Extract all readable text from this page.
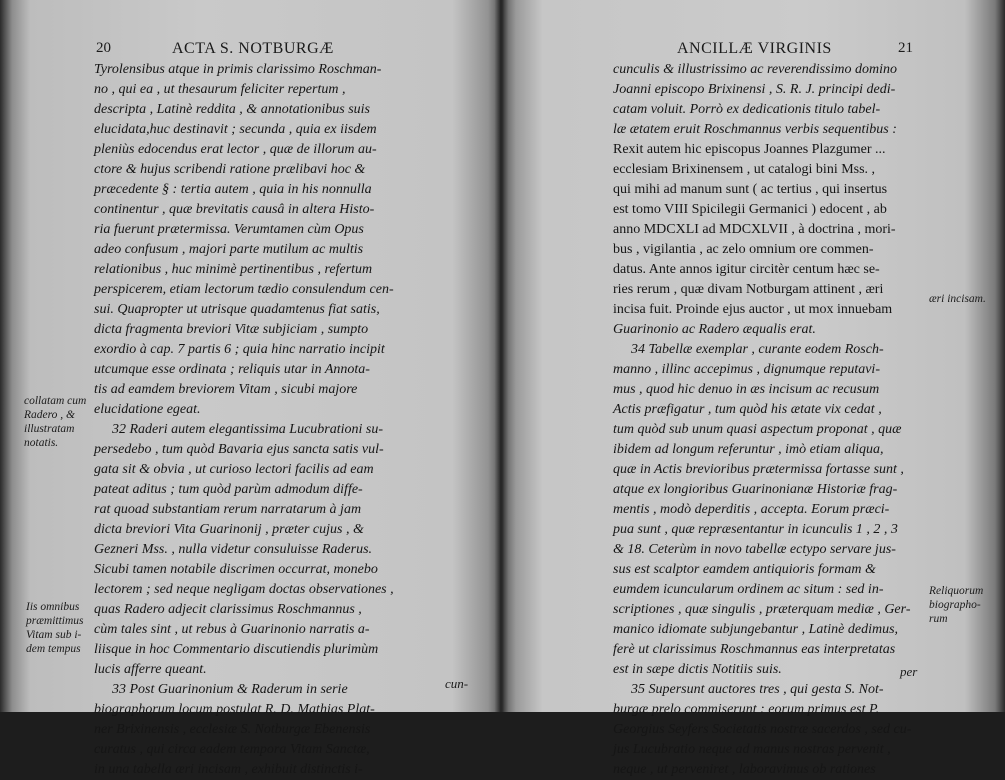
20	ACTA S. NOTBURGÆ

Tyrolensibus atque in primis clarissimo Roschman-

no , qui ea , ut thesaurum feliciter repertum ,

descripta , Latinè reddita , & annotationibus suis

elucidata,huc destinavit ; secunda , quia ex iisdem

pleniùs edocendus erat lector , quæ de illorum au-

ctore & hujus scribendi ratione prælibavi hoc &

præcedente § : tertia autem , quia in his nonnulla

continentur , quæ brevitatis causâ in altera Histo-

ria fuerunt prætermissa. Verumtamen cùm Opus

adeo confusum , majori parte mutilum ac multis

relationibus , huc minimè pertinentibus , refertum

perspicerem, etiam lectorum tædio consulendum cen-

sui. Quapropter ut utrisque quadamtenus fiat satis,

dicta fragmenta breviori Vitæ subjiciam , sumpto

exordio à cap. 7 partis 6 ; quia hinc narratio incipit

utcumque esse ordinata ; reliquis utar in Annota-

tis ad eamdem breviorem Vitam , sicubi majore

elucidatione egeat.

32 Raderi autem elegantissima Lucubrationi su-

persedebo , tum quòd Bavaria ejus sancta satis vul-

gata sit & obvia , ut curioso lectori facilis ad eam

pateat aditus ; tum quòd parùm admodum diffe-

rat quoad substantiam rerum narratarum à jam

dicta breviori Vita Guarinonij , præter cujus , &

Gezneri Mss. , nulla videtur consuluisse Raderus.

Sicubi tamen notabile discrimen occurrat, monebo

lectorem ; sed neque negligam doctas observationes ,

quas Radero adjecit clarissimus Roschmannus ,

cùm tales sint , ut rebus à Guarinonio narratis a-

liisque in hoc Commentario discutiendis plurimùm

lucis afferre queant.

33 Post Guarinonium & Raderum in serie

biographorum locum postulat R. D. Mathias Plat-

ner Brixinensis , ecclesiæ S. Notburgæ Ebenensis

curatus , qui circa eadem tempora Vitam Sanctæ,

in una tabella æri incisam , exhibuit distinctis i-

collatam cum Radero , & illustratam notatis.
Iis omnibus præmittimus Vitam sub i-dem tempus
cun-
ANCILLÆ VIRGINIS	21

cunculis & illustrissimo ac reverendissimo domino

Joanni episcopo Brixinensi , S. R. J. principi dedi-

catam voluit. Porrò ex dedicationis titulo tabel-

læ ætatem eruit Roschmannus verbis sequentibus :

Rexit autem hic episcopus Joannes Plazgumer ...

ecclesiam Brixinensem , ut catalogi bini Mss. ,

qui mihi ad manum sunt ( ac tertius , qui insertus

est tomo VIII Spicilegii Germanici ) edocent , ab

anno MDCXLI ad MDCXLVII , à doctrina , mori-

bus , vigilantia , ac zelo omnium ore commen-

datus. Ante annos igitur circitèr centum hæc se-

ries rerum , quæ divam Notburgam attinent , æri

incisa fuit. Proinde ejus auctor , ut mox innuebam

Guarinonio ac Radero æqualis erat.

34 Tabellæ exemplar , curante eodem Rosch-

manno , illinc accepimus , dignumque reputavi-

mus , quod hic denuo in æs incisum ac recusum

Actis præfigatur , tum quòd his ætate vix cedat ,

tum quòd sub unum quasi aspectum proponat , quæ

ibidem ad longum referuntur , imò etiam aliqua,

quæ in Actis brevioribus prætermissa fortasse sunt ,

atque ex longioribus Guarinonianæ Historiæ frag-

mentis , modò deperditis , accepta. Eorum præci-

pua sunt , quæ repræsentantur in icunculis 1 , 2 , 3

& 18. Ceterùm in novo tabellæ ectypo servare jus-

sus est scalptor eamdem antiquioris formam &

eumdem icuncularum ordinem ac situm : sed in-

scriptiones , quæ singulis , præterquam mediæ , Ger-

manico idiomate subjungebantur , Latinè dedimus,

ferè ut clarissimus Roschmannus eas interpretatas

est in sæpe dictis Notitiis suis.

35 Supersunt auctores tres , qui gesta S. Not-

burgæ prelo commiserunt : eorum primus est P.

Georgius Seyfers Societatis nostræ sacerdos , sed cu-

jus Lucubratio neque ad manus nostras pervenit ,

neque , ut perveniret , laboravimus ob rationes

æri incisam.
Reliquorum biographo-rum
per
